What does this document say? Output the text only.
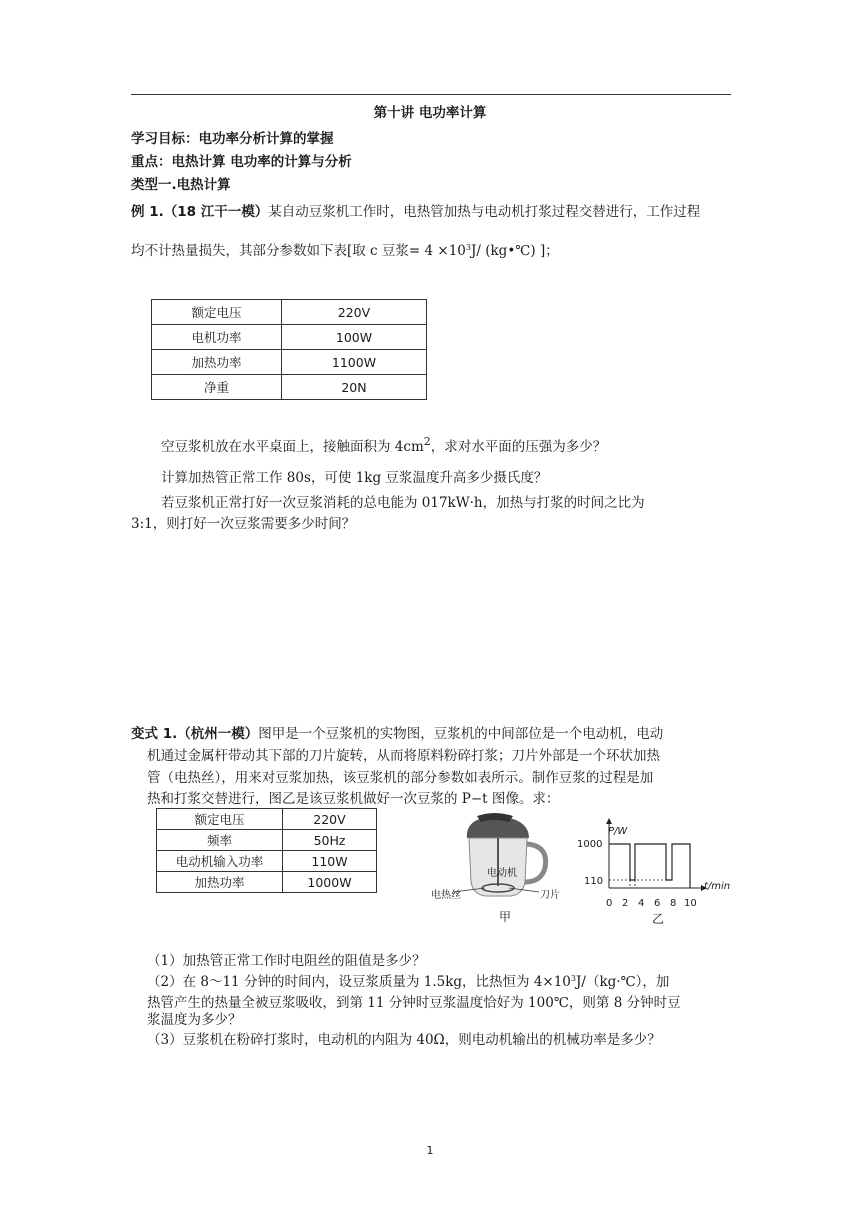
第十讲 电功率计算
学习目标：电功率分析计算的掌握
重点：电热计算 电功率的计算与分析
类型一.电热计算
例 1.（18 江干一模）某自动豆浆机工作时，电热管加热与电动机打浆过程交替进行，工作过程
均不计热量损失，其部分参数如下表[取 c 豆浆= $4 \times 10^3J/$ (kg•℃) ]；
额定电压	220V
电机功率	100W
加热功率	1100W
净重	20N
空豆浆机放在水平桌面上，接触面积为 $4cm^2$，求对水平面的压强为多少？
计算加热管正常工作 80s，可使 1kg 豆浆温度升高多少摄氏度？
若豆浆机正常打好一次豆浆消耗的总电能为 017kW·h，加热与打浆的时间之比为
3:1，则打好一次豆浆需要多少时间？
变式 1.（杭州一模）图甲是一个豆浆机的实物图，豆浆机的中间部位是一个电动机，电动
机通过金属杆带动其下部的刀片旋转，从而将原料粉碎打浆；刀片外部是一个环状加热
管（电热丝），用来对豆浆加热，该豆浆机的部分参数如表所示。制作豆浆的过程是加
热和打浆交替进行，图乙是该豆浆机做好一次豆浆的 P−t 图像。求：
额定电压	220V
频率	50Hz
电动机输入功率	110W
加热功率	1000W
电动机
电热丝	刀片
甲
P/W
t/min
1000
110
0 2 4 6 8 10
乙
（1）加热管正常工作时电阻丝的阻值是多少？
（2）在 8～11 分钟的时间内，设豆浆质量为 1.5kg，比热恒为 $4\times 10^3J/(kg\cdot℃)$，加
热管产生的热量全被豆浆吸收，到第 11 分钟时豆浆温度恰好为 100℃，则第 8 分钟时豆
浆温度为多少？
（3）豆浆机在粉碎打浆时，电动机的内阻为 40Ω，则电动机输出的机械功率是多少？
1
